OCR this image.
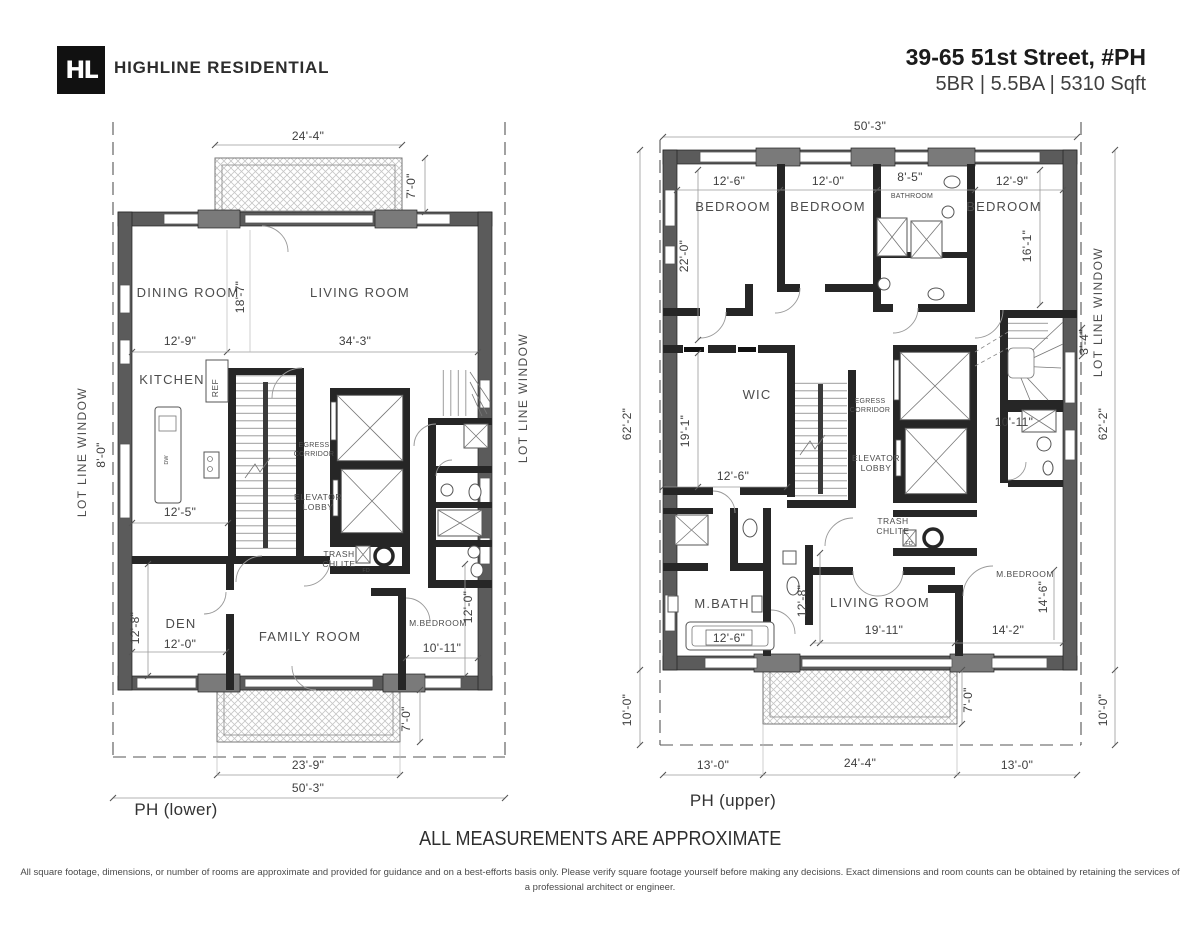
HL HIGHLINE RESIDENTIAL	39-65 51st Street, #PH
5BR | 5.5BA | 5310 Sqft
24'-4"
7'-0"
DINING ROOM	LIVING ROOM
18'-7"
12'-9"	34'-3"
KITCHEN REF
DW
8'-0"
LOT LINE WINDOW	12'-5"
EGRESS
CORRIDOR
ELEVATOR
LOBBY
TRASH
CHLITE
FD
DEN
12'-0"
12'-8"	FAMILY ROOM
M.BEDROOM
10'-11"
12'-0"
7'-0"
23'-9"
50'-3"
LOT LINE WINDOW
PH (lower)
50'-3"
12'-6"	12'-0"	8'-5"	12'-9"
BATHROOM
BEDROOM BEDROOM	BEDROOM
22'-0"	16'-1"
3'-4" LOT LINE WINDOW
62'-2"	62'-2"
WIC
19'-1"
12'-6"
EGRESS
CORRIDOR
ELEVATOR
LOBBY
TRASH
CHLITE
FD
10'-11"
M.BEDROOM
14'-6"
14'-2"
LIVING ROOM
19'-11"
12'-8"
M.BATH
12'-6"
7'-0"
10'-0"	10'-0"
13'-0"	24'-4"	13'-0"
PH (upper)
ALL MEASUREMENTS ARE APPROXIMATE
All square footage, dimensions, or number of rooms are approximate and provided for guidance and on a best-efforts basis only. Please verify square footage yourself before making any decisions. Exact dimensions and room counts can be obtained by retaining the services of a professional architect or engineer.
